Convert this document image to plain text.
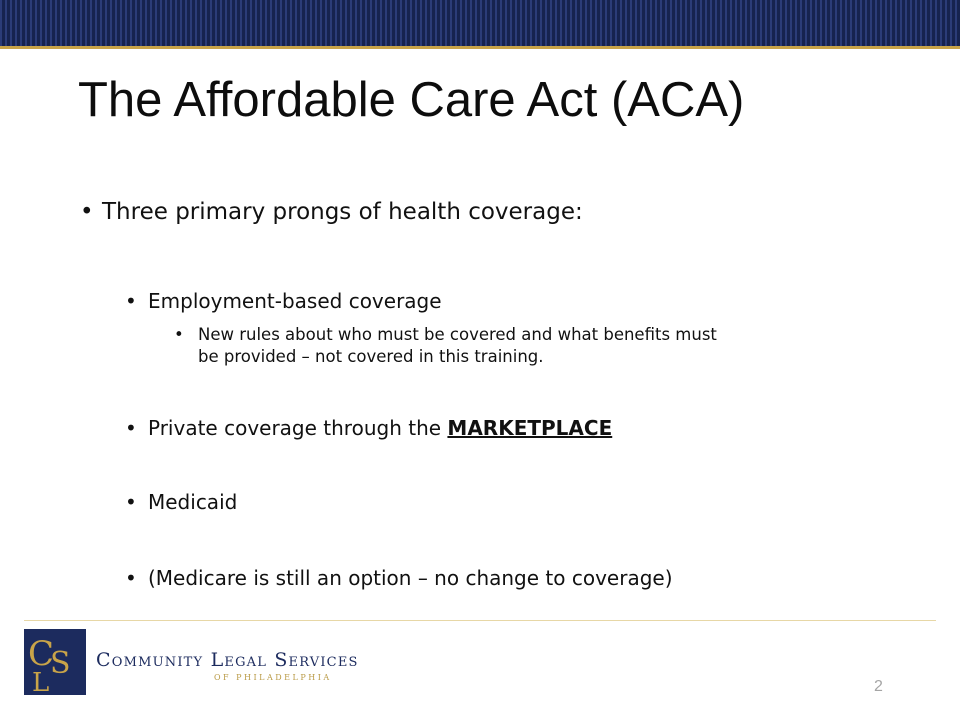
The Affordable Care Act (ACA)
• Three primary prongs of health coverage:
• Employment-based coverage
• New rules about who must be covered and what benefits must
be provided – not covered in this training.
• Private coverage through the MARKETPLACE
• Medicaid
• (Medicare is still an option – no change to coverage)
C
S
L
Community Legal Services
OF PHILADELPHIA
2
